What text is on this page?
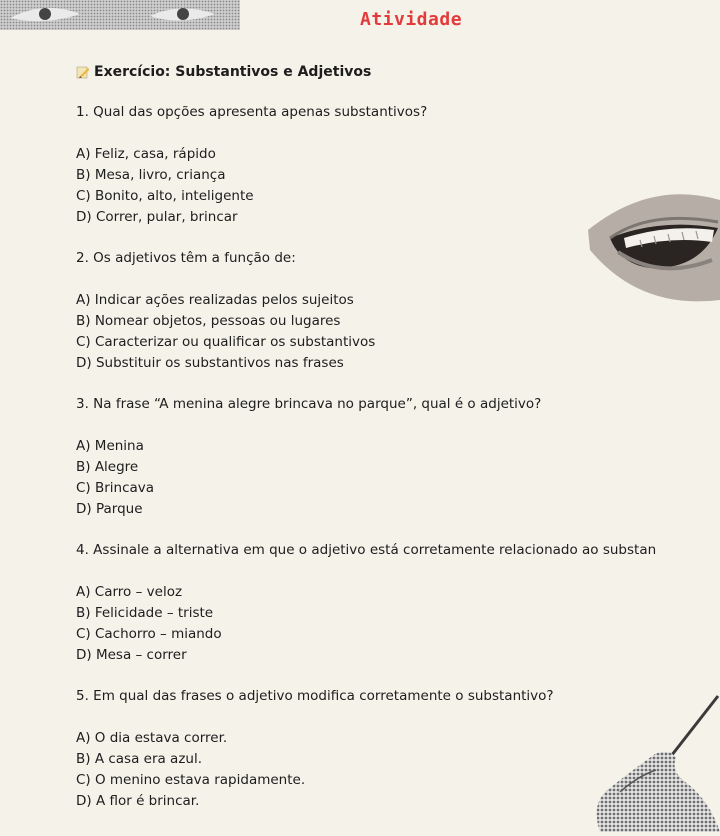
Atividade
Exercício: Substantivos e Adjetivos

1. Qual das opções apresenta apenas substantivos?

A) Feliz, casa, rápido
B) Mesa, livro, criança
C) Bonito, alto, inteligente
D) Correr, pular, brincar

2. Os adjetivos têm a função de:

A) Indicar ações realizadas pelos sujeitos
B) Nomear objetos, pessoas ou lugares
C) Caracterizar ou qualificar os substantivos
D) Substituir os substantivos nas frases

3. Na frase “A menina alegre brincava no parque”, qual é o adjetivo?

A) Menina
B) Alegre
C) Brincava
D) Parque

4. Assinale a alternativa em que o adjetivo está corretamente relacionado ao substan

A) Carro – veloz
B) Felicidade – triste
C) Cachorro – miando
D) Mesa – correr

5. Em qual das frases o adjetivo modifica corretamente o substantivo?

A) O dia estava correr.
B) A casa era azul.
C) O menino estava rapidamente.
D) A flor é brincar.
